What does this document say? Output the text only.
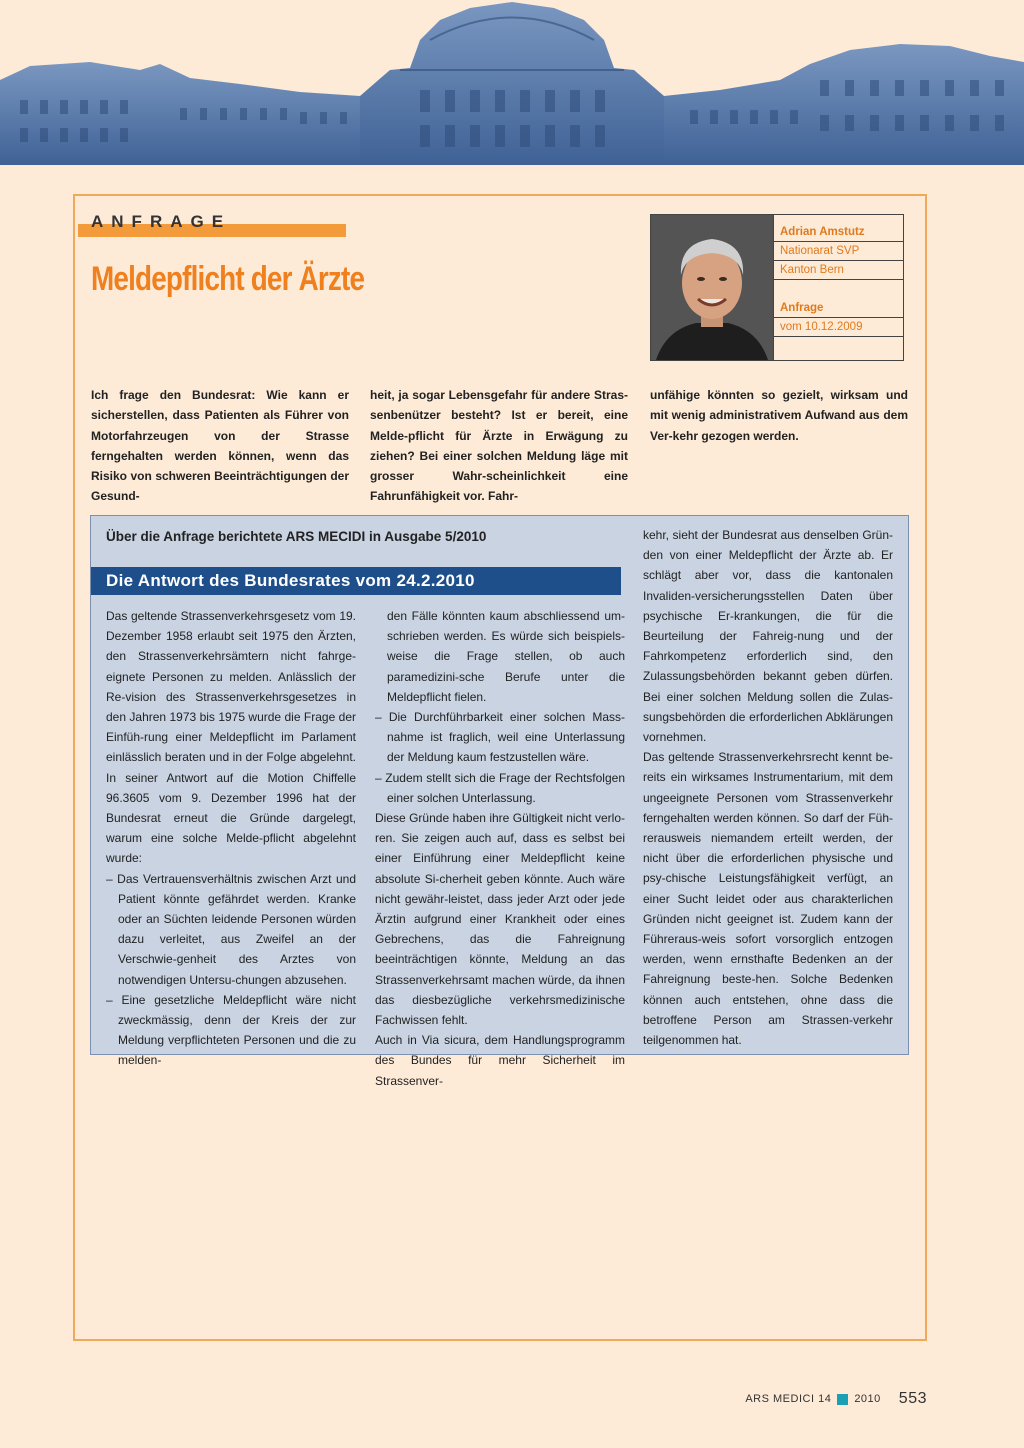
ANFRAGE
Meldepflicht der Ärzte
Adrian Amstutz
Nationarat SVP
Kanton Bern
Anfrage
vom 10.12.2009

Ich frage den Bundesrat: Wie kann er sicherstellen, dass Patienten als Führer von Motorfahrzeugen von der Strasse ferngehalten werden können, wenn das Risiko von schweren Beeinträchtigungen der Gesund-

heit, ja sogar Lebensgefahr für andere Stras-senbenützer besteht? Ist er bereit, eine Melde-pflicht für Ärzte in Erwägung zu ziehen? Bei einer solchen Meldung läge mit grosser Wahr-scheinlichkeit eine Fahrunfähigkeit vor. Fahr-

unfähige könnten so gezielt, wirksam und mit wenig administrativem Aufwand aus dem Ver-kehr gezogen werden.

Über die Anfrage berichtete ARS MECIDI in Ausgabe 5/2010
Die Antwort des Bundesrates vom 24.2.2010

Das geltende Strassenverkehrsgesetz vom 19. Dezember 1958 erlaubt seit 1975 den Ärzten, den Strassenverkehrsämtern nicht fahrge-eignete Personen zu melden. Anlässlich der Re-vision des Strassenverkehrsgesetzes in den Jahren 1973 bis 1975 wurde die Frage der Einfüh-rung einer Meldepflicht im Parlament einlässlich beraten und in der Folge abgelehnt. In seiner Antwort auf die Motion Chiffelle 96.3605 vom 9. Dezember 1996 hat der Bundesrat erneut die Gründe dargelegt, warum eine solche Melde-pflicht abgelehnt wurde:

– Das Vertrauensverhältnis zwischen Arzt und Patient könnte gefährdet werden. Kranke oder an Süchten leidende Personen würden dazu verleitet, aus Zweifel an der Verschwie-genheit des Arztes von notwendigen Untersu-chungen abzusehen.

– Eine gesetzliche Meldepflicht wäre nicht zweckmässig, denn der Kreis der zur Meldung verpflichteten Personen und die zu melden-

den Fälle könnten kaum abschliessend um-schrieben werden. Es würde sich beispiels-weise die Frage stellen, ob auch paramedizini-sche Berufe unter die Meldepflicht fielen.

– Die Durchführbarkeit einer solchen Mass-nahme ist fraglich, weil eine Unterlassung der Meldung kaum festzustellen wäre.

– Zudem stellt sich die Frage der Rechtsfolgen einer solchen Unterlassung.

Diese Gründe haben ihre Gültigkeit nicht verlo-ren. Sie zeigen auch auf, dass es selbst bei einer Einführung einer Meldepflicht keine absolute Si-cherheit geben könnte. Auch wäre nicht gewähr-leistet, dass jeder Arzt oder jede Ärztin aufgrund einer Krankheit oder eines Gebrechens, das die Fahreignung beeinträchtigen könnte, Meldung an das Strassenverkehrsamt machen würde, da ihnen das diesbezügliche verkehrsmedizinische Fachwissen fehlt.

Auch in Via sicura, dem Handlungsprogramm des Bundes für mehr Sicherheit im Strassenver-

kehr, sieht der Bundesrat aus denselben Grün-den von einer Meldepflicht der Ärzte ab. Er schlägt aber vor, dass die kantonalen Invaliden-versicherungsstellen Daten über psychische Er-krankungen, die für die Beurteilung der Fahreig-nung und der Fahrkompetenz erforderlich sind, den Zulassungsbehörden bekannt geben dürfen. Bei einer solchen Meldung sollen die Zulas-sungsbehörden die erforderlichen Abklärungen vornehmen.

Das geltende Strassenverkehrsrecht kennt be-reits ein wirksames Instrumentarium, mit dem ungeeignete Personen vom Strassenverkehr ferngehalten werden können. So darf der Füh-rerausweis niemandem erteilt werden, der nicht über die erforderlichen physische und psy-chische Leistungsfähigkeit verfügt, an einer Sucht leidet oder aus charakterlichen Gründen nicht geeignet ist. Zudem kann der Führeraus-weis sofort vorsorglich entzogen werden, wenn ernsthafte Bedenken an der Fahreignung beste-hen. Solche Bedenken können auch entstehen, ohne dass die betroffene Person am Strassen-verkehr teilgenommen hat.

ARS MEDICI 14 2010 553
